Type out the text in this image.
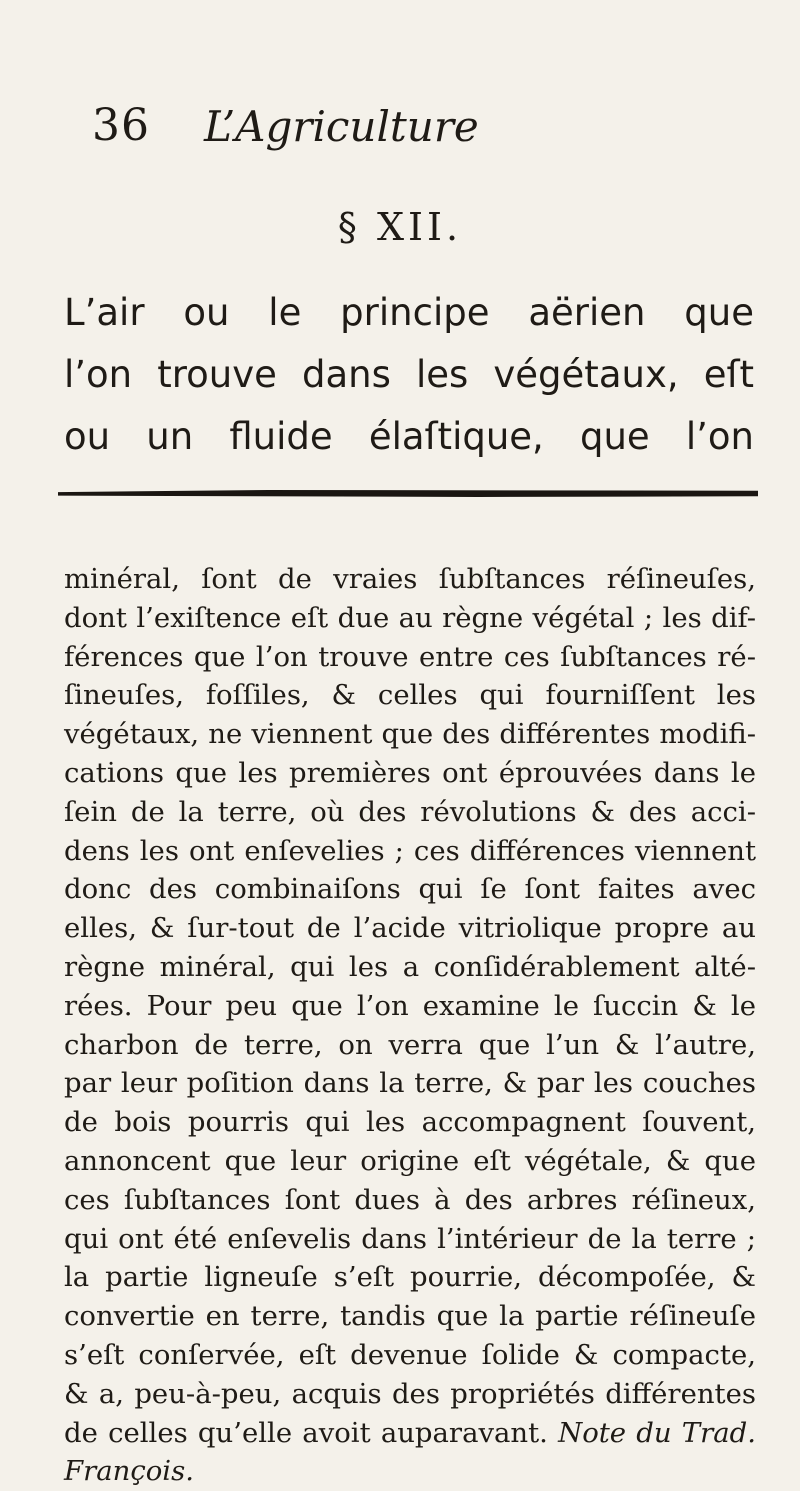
36 L’Agriculture
§ XII.
L’air ou le principe aërien que
l’on trouve dans les végétaux, eſt
ou un fluide élaſtique, que l’on
minéral, ſont de vraies ſubſtances réſineuſes,
dont l’exiſtence eſt due au règne végétal ; les dif-
férences que l’on trouve entre ces ſubſtances ré-
ſineuſes, foſſiles, & celles qui fourniſſent les
végétaux, ne viennent que des différentes modifi-
cations que les premières ont éprouvées dans le
ſein de la terre, où des révolutions & des acci-
dens les ont enſevelies ; ces différences viennent
donc des combinaiſons qui ſe ſont faites avec
elles, & ſur-tout de l’acide vitriolique propre au
règne minéral, qui les a conſidérablement alté-
rées. Pour peu que l’on examine le ſuccin & le
charbon de terre, on verra que l’un & l’autre,
par leur poſition dans la terre, & par les couches
de bois pourris qui les accompagnent ſouvent,
annoncent que leur origine eſt végétale, & que
ces ſubſtances ſont dues à des arbres réſineux,
qui ont été enſevelis dans l’intérieur de la terre ;
la partie ligneuſe s’eſt pourrie, décompoſée, &
convertie en terre, tandis que la partie réſineuſe
s’eſt conſervée, eſt devenue ſolide & compacte,
& a, peu-à-peu, acquis des propriétés différentes
de celles qu’elle avoit auparavant. Note du Trad.
François.
